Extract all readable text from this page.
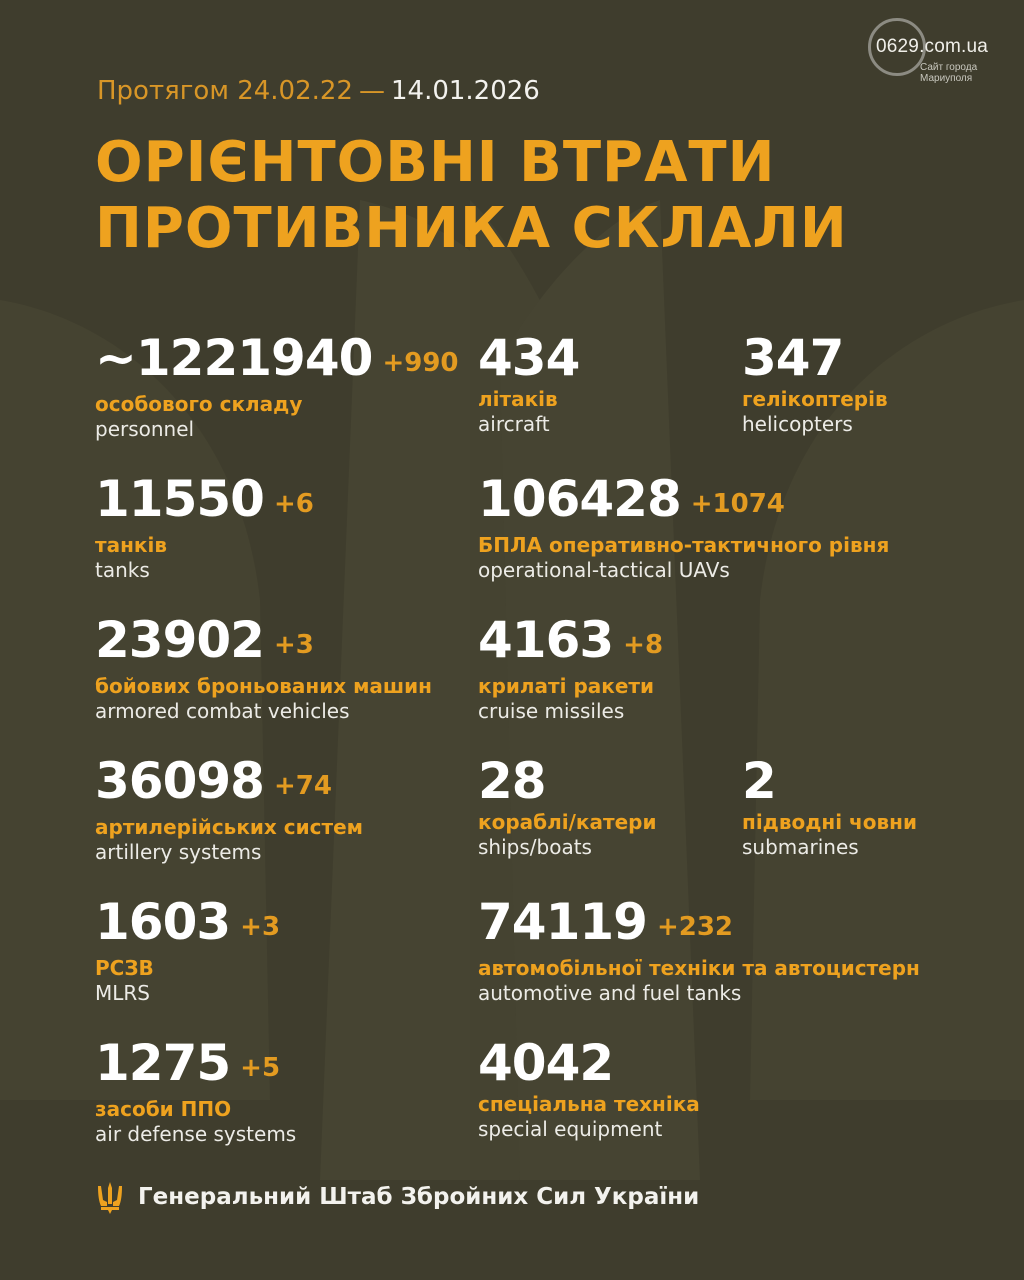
0629.com.ua
Сайт города
Мариуполя
Протягом 24.02.22 — 14.01.2026
ОРІЄНТОВНІ ВТРАТИ
ПРОТИВНИКА СКЛАЛИ
~1221940 +990
особового складу
personnel
434
літаків
aircraft
347
гелікоптерів
helicopters
11550 +6
танків
tanks
106428 +1074
БПЛА оперативно-тактичного рівня
operational-tactical UAVs
23902 +3
бойових броньованих машин
armored combat vehicles
4163 +8
крилаті ракети
cruise missiles
36098 +74
артилерійських систем
artillery systems
28
кораблі/катери
ships/boats
2
підводні човни
submarines
1603 +3
РСЗВ
MLRS
74119 +232
автомобільної техніки та автоцистерн
automotive and fuel tanks
1275 +5
засоби ППО
air defense systems
4042
спеціальна техніка
special equipment
Генеральний Штаб Збройних Сил України
